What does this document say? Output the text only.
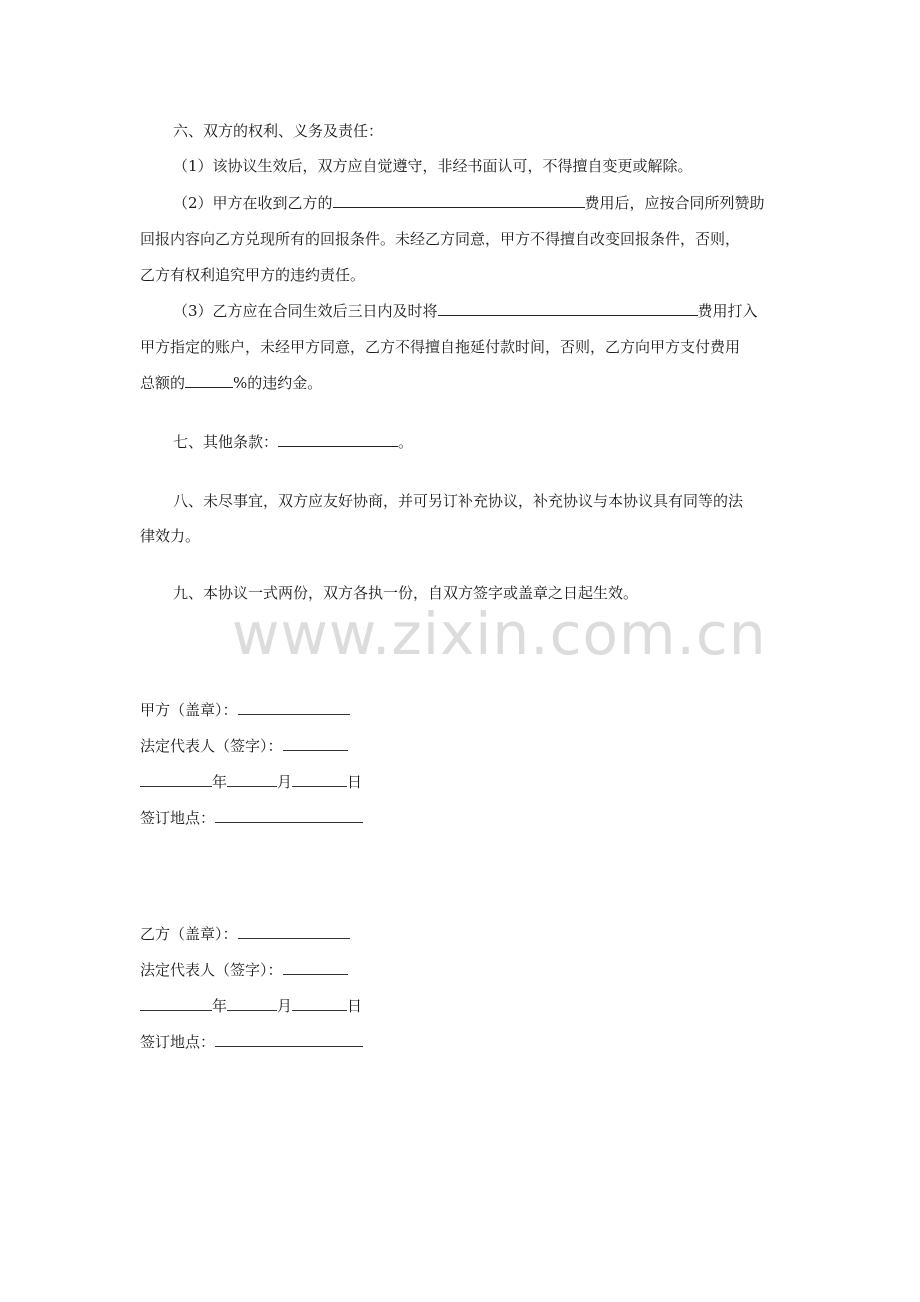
六、双方的权利、义务及责任：
（1）该协议生效后，双方应自觉遵守，非经书面认可，不得擅自变更或解除。
（2）甲方在收到乙方的	费用后，应按合同所列赞助
回报内容向乙方兑现所有的回报条件。未经乙方同意，甲方不得擅自改变回报条件，否则，
乙方有权利追究甲方的违约责任。
（3）乙方应在合同生效后三日内及时将	费用打入
甲方指定的账户，未经甲方同意，乙方不得擅自拖延付款时间，否则，乙方向甲方支付费用
总额的	%的违约金。
七、其他条款：	。
八、未尽事宜，双方应友好协商，并可另订补充协议，补充协议与本协议具有同等的法
律效力。
九、本协议一式两份，双方各执一份，自双方签字或盖章之日起生效。
www.zixin.com.cn
甲方（盖章）：
法定代表人（签字）：
年	月	日
签订地点：
乙方（盖章）：
法定代表人（签字）：
年	月	日
签订地点：
